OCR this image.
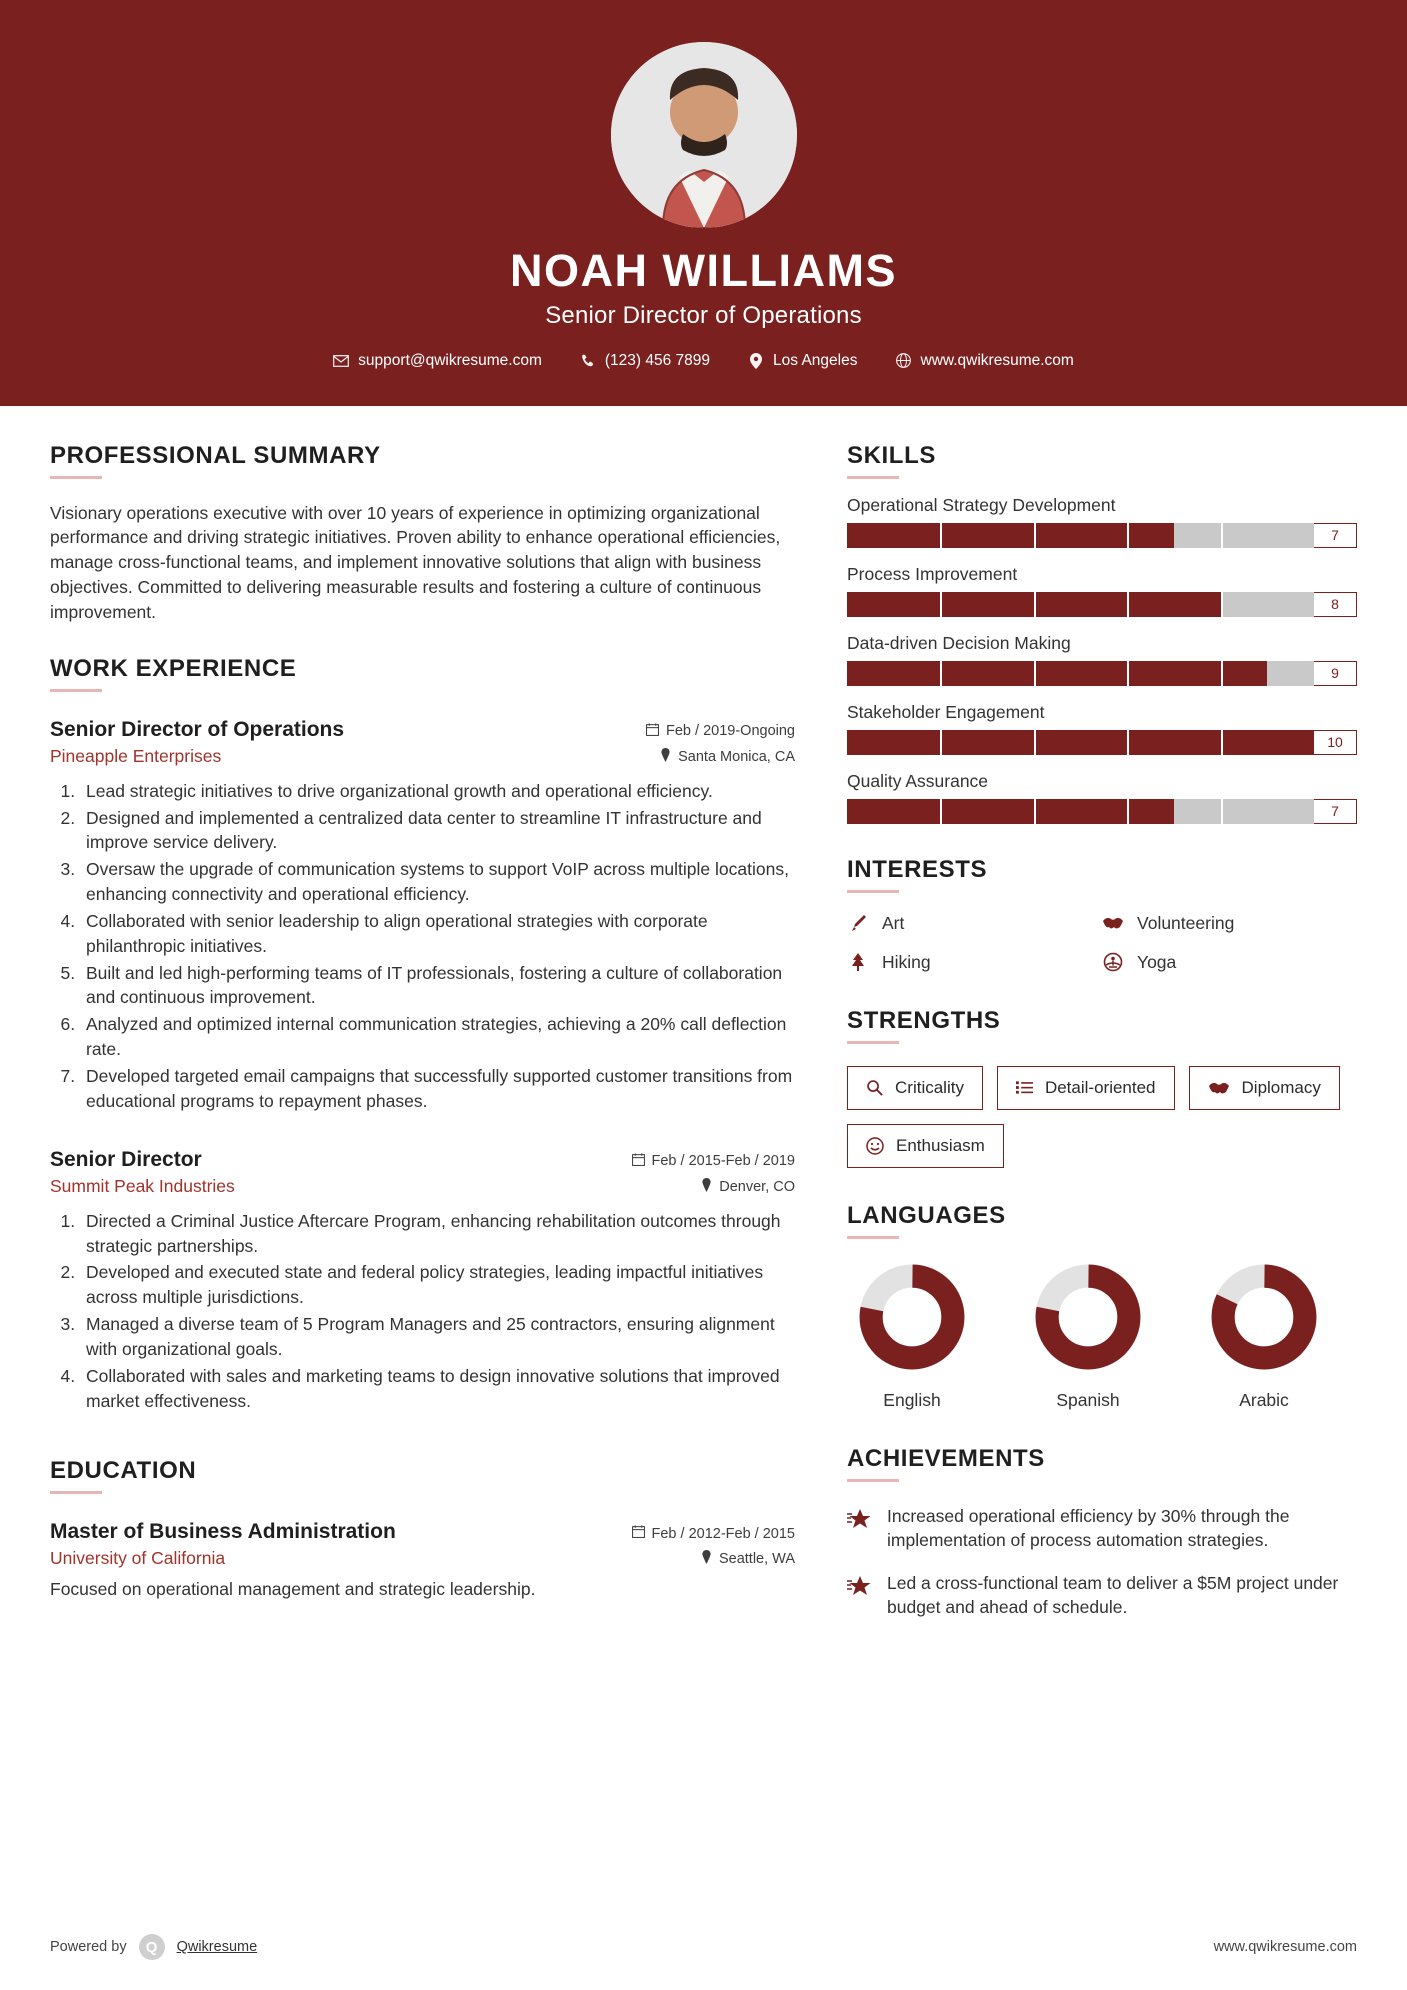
NOAH WILLIAMS
Senior Director of Operations
support@qwikresume.com	(123) 456 7899	Los Angeles	www.qwikresume.com
PROFESSIONAL SUMMARY
Visionary operations executive with over 10 years of experience in optimizing organizational performance and driving strategic initiatives. Proven ability to enhance operational efficiencies, manage cross-functional teams, and implement innovative solutions that align with business objectives. Committed to delivering measurable results and fostering a culture of continuous improvement.
WORK EXPERIENCE
Senior Director of Operations	Feb / 2019-Ongoing
Pineapple Enterprises	Santa Monica, CA
1. Lead strategic initiatives to drive organizational growth and operational efficiency.
2. Designed and implemented a centralized data center to streamline IT infrastructure and improve service delivery.
3. Oversaw the upgrade of communication systems to support VoIP across multiple locations, enhancing connectivity and operational efficiency.
4. Collaborated with senior leadership to align operational strategies with corporate philanthropic initiatives.
5. Built and led high-performing teams of IT professionals, fostering a culture of collaboration and continuous improvement.
6. Analyzed and optimized internal communication strategies, achieving a 20% call deflection rate.
7. Developed targeted email campaigns that successfully supported customer transitions from educational programs to repayment phases.
Senior Director	Feb / 2015-Feb / 2019
Summit Peak Industries	Denver, CO
1. Directed a Criminal Justice Aftercare Program, enhancing rehabilitation outcomes through strategic partnerships.
2. Developed and executed state and federal policy strategies, leading impactful initiatives across multiple jurisdictions.
3. Managed a diverse team of 5 Program Managers and 25 contractors, ensuring alignment with organizational goals.
4. Collaborated with sales and marketing teams to design innovative solutions that improved market effectiveness.
EDUCATION
Master of Business Administration	Feb / 2012-Feb / 2015
University of California	Seattle, WA
Focused on operational management and strategic leadership.
SKILLS
Operational Strategy Development
7
Process Improvement
8
Data-driven Decision Making
9
Stakeholder Engagement
10
Quality Assurance
7
INTERESTS
Art	Volunteering
Hiking	Yoga
STRENGTHS
Criticality	Detail-oriented	Diplomacy
Enthusiasm
LANGUAGES
English	Spanish	Arabic
ACHIEVEMENTS
Increased operational efficiency by 30% through the implementation of process automation strategies.
Led a cross-functional team to deliver a $5M project under budget and ahead of schedule.
Powered by Q Qwikresume	www.qwikresume.com
